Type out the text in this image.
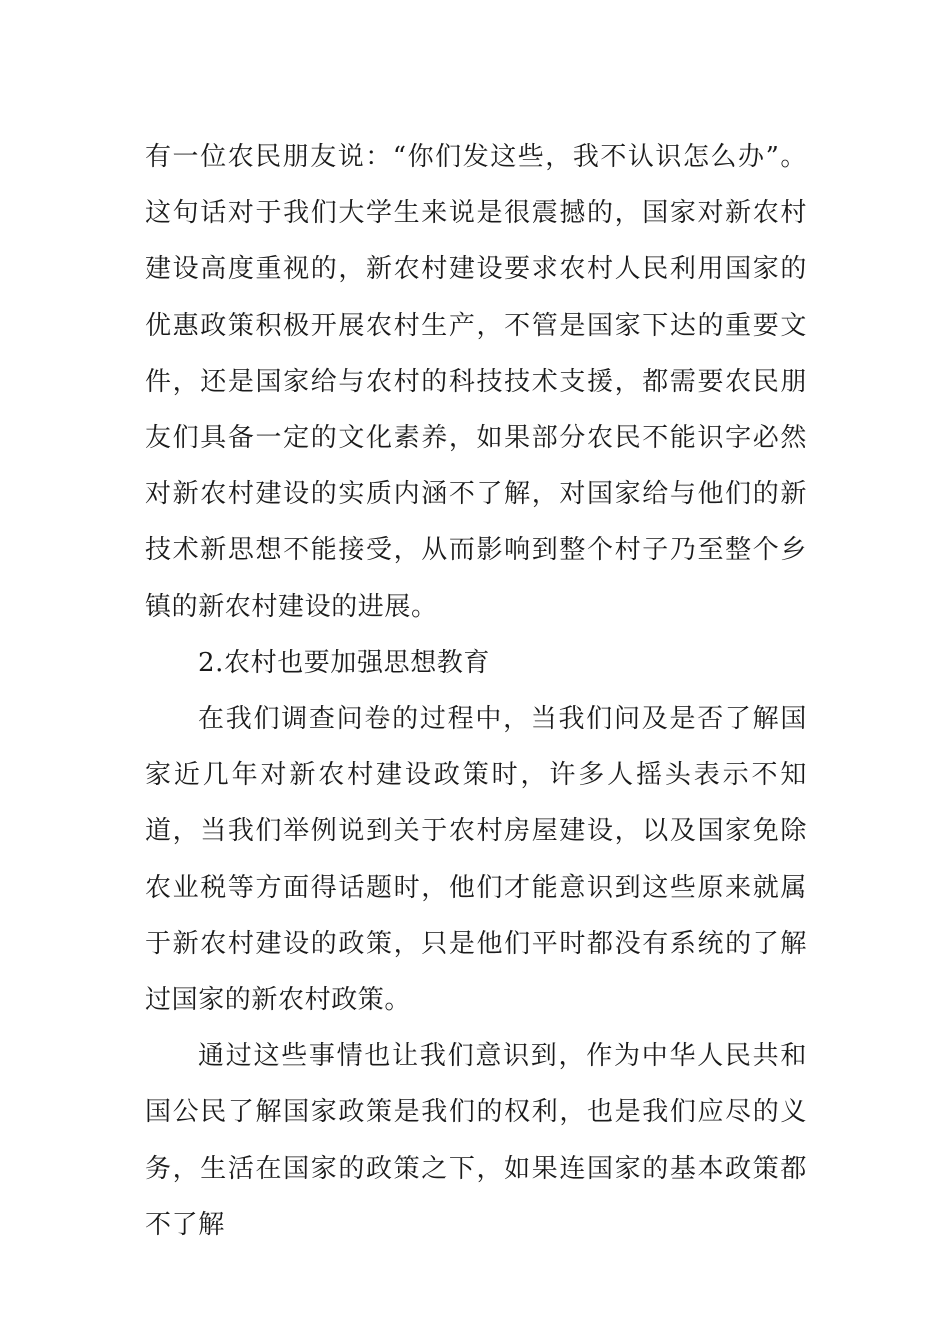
有一位农民朋友说：“你们发这些，我不认识怎么办”。这句话对于我们大学生来说是很震撼的，国家对新农村建设高度重视的，新农村建设要求农村人民利用国家的优惠政策积极开展农村生产，不管是国家下达的重要文件，还是国家给与农村的科技技术支援，都需要农民朋友们具备一定的文化素养，如果部分农民不能识字必然对新农村建设的实质内涵不了解，对国家给与他们的新技术新思想不能接受，从而影响到整个村子乃至整个乡镇的新农村建设的进展。

2.农村也要加强思想教育

在我们调查问卷的过程中，当我们问及是否了解国家近几年对新农村建设政策时，许多人摇头表示不知道，当我们举例说到关于农村房屋建设，以及国家免除农业税等方面得话题时，他们才能意识到这些原来就属于新农村建设的政策，只是他们平时都没有系统的了解过国家的新农村政策。

通过这些事情也让我们意识到，作为中华人民共和国公民了解国家政策是我们的权利，也是我们应尽的义务，生活在国家的政策之下，如果连国家的基本政策都不了解
